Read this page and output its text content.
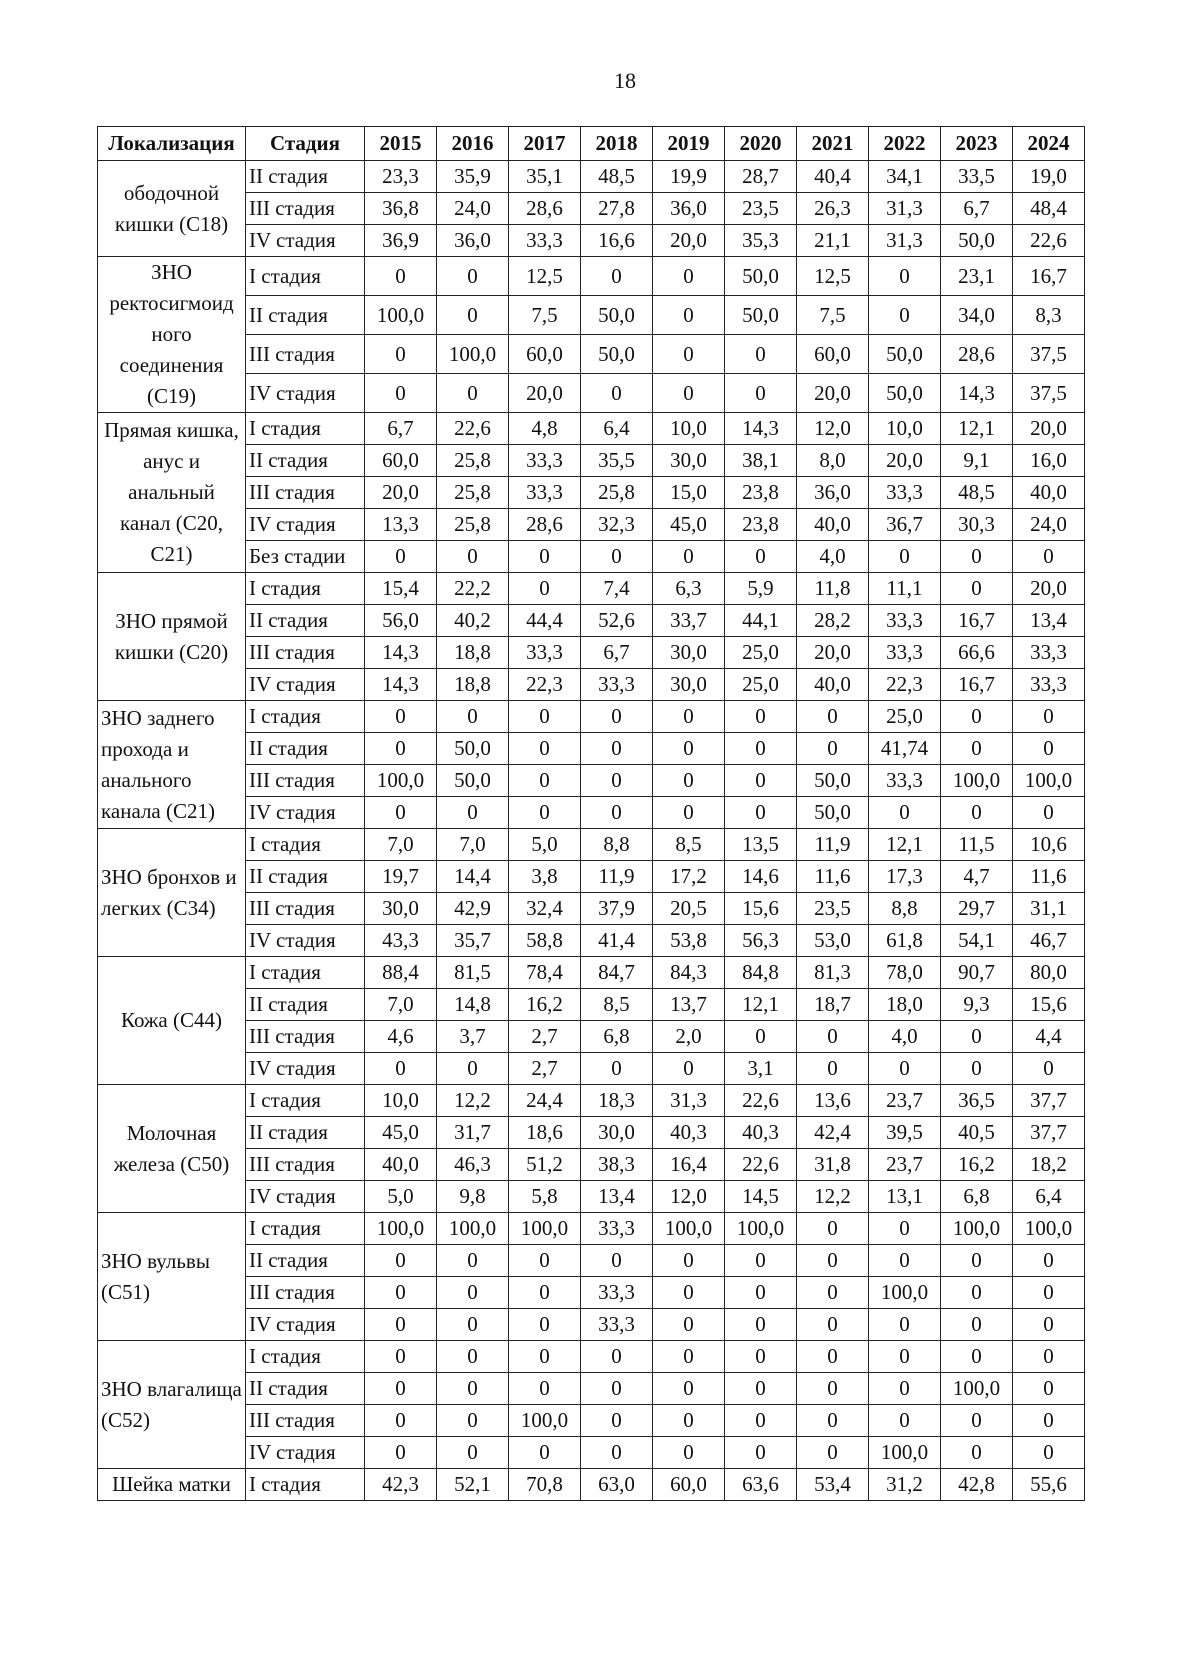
18
Локализация	Стадия	2015	2016	2017	2018	2019	2020	2021	2022	2023	2024
ободочной кишки (С18)	II стадия	23,3	35,9	35,1	48,5	19,9	28,7	40,4	34,1	33,5	19,0
	III стадия	36,8	24,0	28,6	27,8	36,0	23,5	26,3	31,3	6,7	48,4
	IV стадия	36,9	36,0	33,3	16,6	20,0	35,3	21,1	31,3	50,0	22,6
ЗНО ректосигмоид ного соединения (С19)	I стадия	0	0	12,5	0	0	50,0	12,5	0	23,1	16,7
	II стадия	100,0	0	7,5	50,0	0	50,0	7,5	0	34,0	8,3
	III стадия	0	100,0	60,0	50,0	0	0	60,0	50,0	28,6	37,5
	IV стадия	0	0	20,0	0	0	0	20,0	50,0	14,3	37,5
Прямая кишка, анус и анальный канал (С20, С21)	I стадия	6,7	22,6	4,8	6,4	10,0	14,3	12,0	10,0	12,1	20,0
	II стадия	60,0	25,8	33,3	35,5	30,0	38,1	8,0	20,0	9,1	16,0
	III стадия	20,0	25,8	33,3	25,8	15,0	23,8	36,0	33,3	48,5	40,0
	IV стадия	13,3	25,8	28,6	32,3	45,0	23,8	40,0	36,7	30,3	24,0
	Без стадии	0	0	0	0	0	0	4,0	0	0	0
ЗНО прямой кишки (С20)	I стадия	15,4	22,2	0	7,4	6,3	5,9	11,8	11,1	0	20,0
	II стадия	56,0	40,2	44,4	52,6	33,7	44,1	28,2	33,3	16,7	13,4
	III стадия	14,3	18,8	33,3	6,7	30,0	25,0	20,0	33,3	66,6	33,3
	IV стадия	14,3	18,8	22,3	33,3	30,0	25,0	40,0	22,3	16,7	33,3
ЗНО заднего прохода и анального канала (С21)	I стадия	0	0	0	0	0	0	0	25,0	0	0
	II стадия	0	50,0	0	0	0	0	0	41,74	0	0
	III стадия	100,0	50,0	0	0	0	0	50,0	33,3	100,0	100,0
	IV стадия	0	0	0	0	0	0	50,0	0	0	0
ЗНО бронхов и легких (С34)	I стадия	7,0	7,0	5,0	8,8	8,5	13,5	11,9	12,1	11,5	10,6
	II стадия	19,7	14,4	3,8	11,9	17,2	14,6	11,6	17,3	4,7	11,6
	III стадия	30,0	42,9	32,4	37,9	20,5	15,6	23,5	8,8	29,7	31,1
	IV стадия	43,3	35,7	58,8	41,4	53,8	56,3	53,0	61,8	54,1	46,7
Кожа (С44)	I стадия	88,4	81,5	78,4	84,7	84,3	84,8	81,3	78,0	90,7	80,0
	II стадия	7,0	14,8	16,2	8,5	13,7	12,1	18,7	18,0	9,3	15,6
	III стадия	4,6	3,7	2,7	6,8	2,0	0	0	4,0	0	4,4
	IV стадия	0	0	2,7	0	0	3,1	0	0	0	0
Молочная железа (С50)	I стадия	10,0	12,2	24,4	18,3	31,3	22,6	13,6	23,7	36,5	37,7
	II стадия	45,0	31,7	18,6	30,0	40,3	40,3	42,4	39,5	40,5	37,7
	III стадия	40,0	46,3	51,2	38,3	16,4	22,6	31,8	23,7	16,2	18,2
	IV стадия	5,0	9,8	5,8	13,4	12,0	14,5	12,2	13,1	6,8	6,4
ЗНО вульвы (С51)	I стадия	100,0	100,0	100,0	33,3	100,0	100,0	0	0	100,0	100,0
	II стадия	0	0	0	0	0	0	0	0	0	0
	III стадия	0	0	0	33,3	0	0	0	100,0	0	0
	IV стадия	0	0	0	33,3	0	0	0	0	0	0
ЗНО влагалища (С52)	I стадия	0	0	0	0	0	0	0	0	0	0
	II стадия	0	0	0	0	0	0	0	0	100,0	0
	III стадия	0	0	100,0	0	0	0	0	0	0	0
	IV стадия	0	0	0	0	0	0	0	100,0	0	0
Шейка матки	I стадия	42,3	52,1	70,8	63,0	60,0	63,6	53,4	31,2	42,8	55,6
